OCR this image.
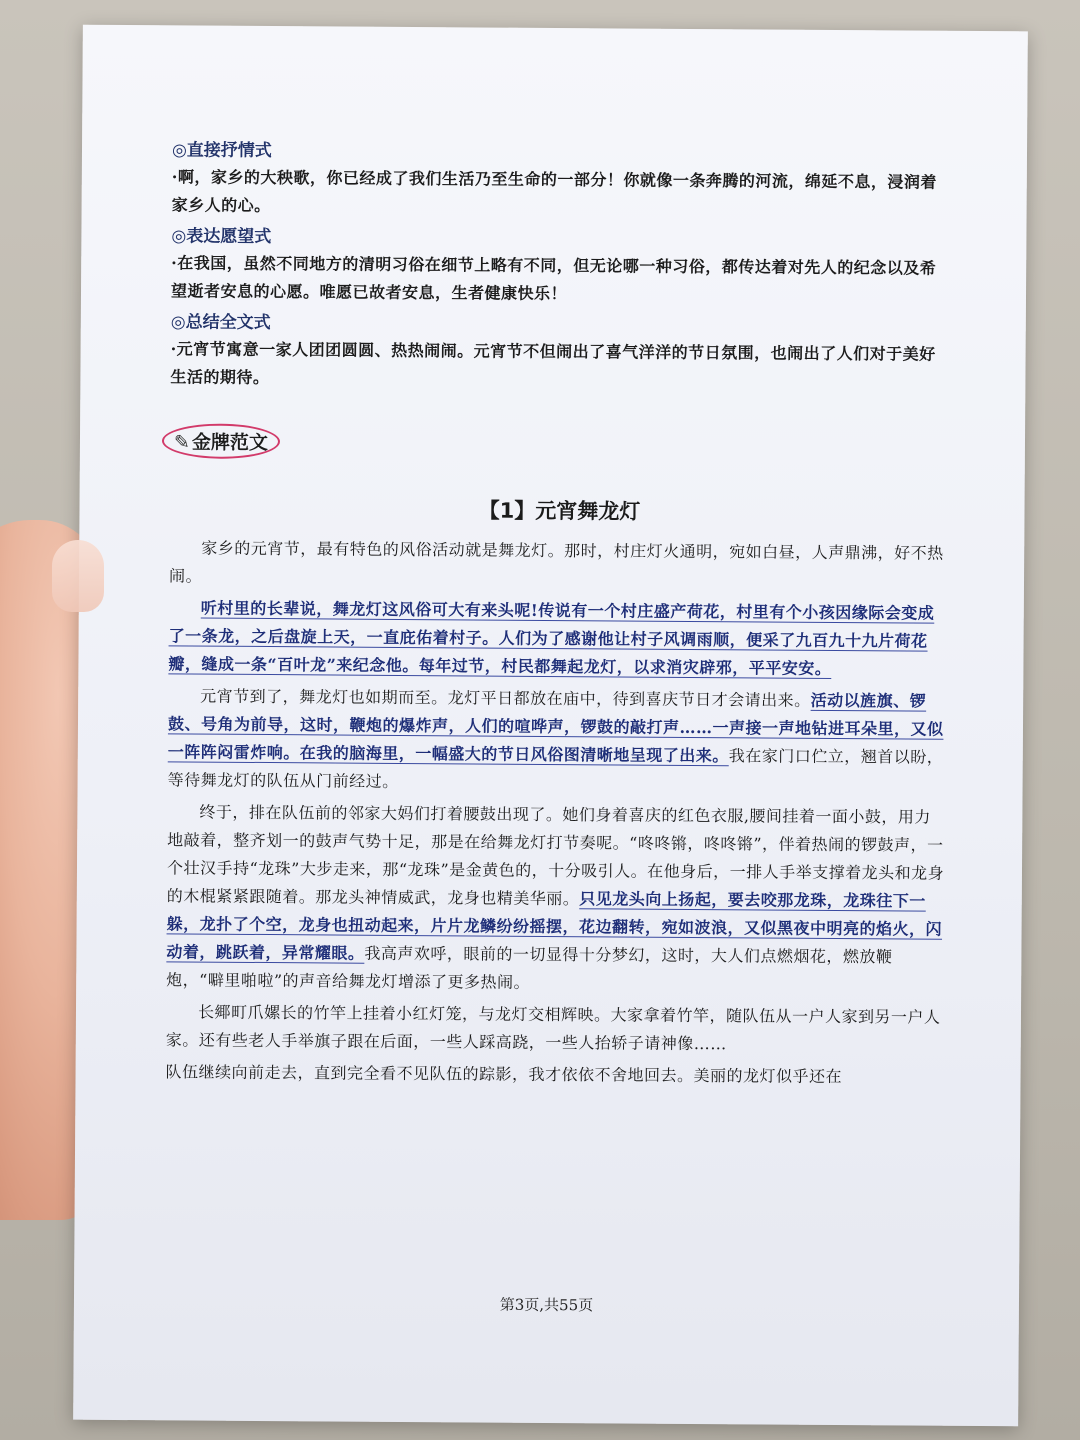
◎直接抒情式

·啊，家乡的大秧歌，你已经成了我们生活乃至生命的一部分！你就像一条奔腾的河流，绵延不息，浸润着家乡人的心。

◎表达愿望式

·在我国，虽然不同地方的清明习俗在细节上略有不同，但无论哪一种习俗，都传达着对先人的纪念以及希望逝者安息的心愿。唯愿已故者安息，生者健康快乐！

◎总结全文式

·元宵节寓意一家人团团圆圆、热热闹闹。元宵节不但闹出了喜气洋洋的节日氛围，也闹出了人们对于美好生活的期待。

✎金牌范文
【1】元宵舞龙灯

家乡的元宵节，最有特色的风俗活动就是舞龙灯。那时，村庄灯火通明，宛如白昼，人声鼎沸，好不热闹。

听村里的长辈说，舞龙灯这风俗可大有来头呢!传说有一个村庄盛产荷花，村里有个小孩因缘际会变成了一条龙，之后盘旋上天，一直庇佑着村子。人们为了感谢他让村子风调雨顺，便采了九百九十九片荷花瓣，缝成一条“百叶龙”来纪念他。每年过节，村民都舞起龙灯，以求消灾辟邪，平平安安。

元宵节到了，舞龙灯也如期而至。龙灯平日都放在庙中，待到喜庆节日才会请出来。活动以旌旗、锣鼓、号角为前导，这时，鞭炮的爆炸声，人们的喧哗声，锣鼓的敲打声……一声接一声地钻进耳朵里，又似一阵阵闷雷炸响。在我的脑海里，一幅盛大的节日风俗图清晰地呈现了出来。我在家门口伫立，翘首以盼，等待舞龙灯的队伍从门前经过。

终于，排在队伍前的邻家大妈们打着腰鼓出现了。她们身着喜庆的红色衣服,腰间挂着一面小鼓，用力地敲着，整齐划一的鼓声气势十足，那是在给舞龙灯打节奏呢。“咚咚锵，咚咚锵”，伴着热闹的锣鼓声，一个壮汉手持“龙珠”大步走来，那“龙珠”是金黄色的，十分吸引人。在他身后，一排人手举支撑着龙头和龙身的木棍紧紧跟随着。那龙头神情威武，龙身也精美华丽。只见龙头向上扬起，要去咬那龙珠，龙珠往下一躲，龙扑了个空，龙身也扭动起来，片片龙鳞纷纷摇摆，花边翻转，宛如波浪，又似黑夜中明亮的焰火，闪动着，跳跃着，异常耀眼。我高声欢呼，眼前的一切显得十分梦幻，这时，大人们点燃烟花，燃放鞭炮，“噼里啪啦”的声音给舞龙灯增添了更多热闹。

长鄊町爪嫘长的竹竿上挂着小红灯笼，与龙灯交相辉映。大家拿着竹竿，随队伍从一户人家到另一户人家。还有些老人手举旗子跟在后面，一些人踩高跷，一些人抬轿子请神像……

队伍继续向前走去，直到完全看不见队伍的踪影，我才依依不舍地回去。美丽的龙灯似乎还在

第3页,共55页
